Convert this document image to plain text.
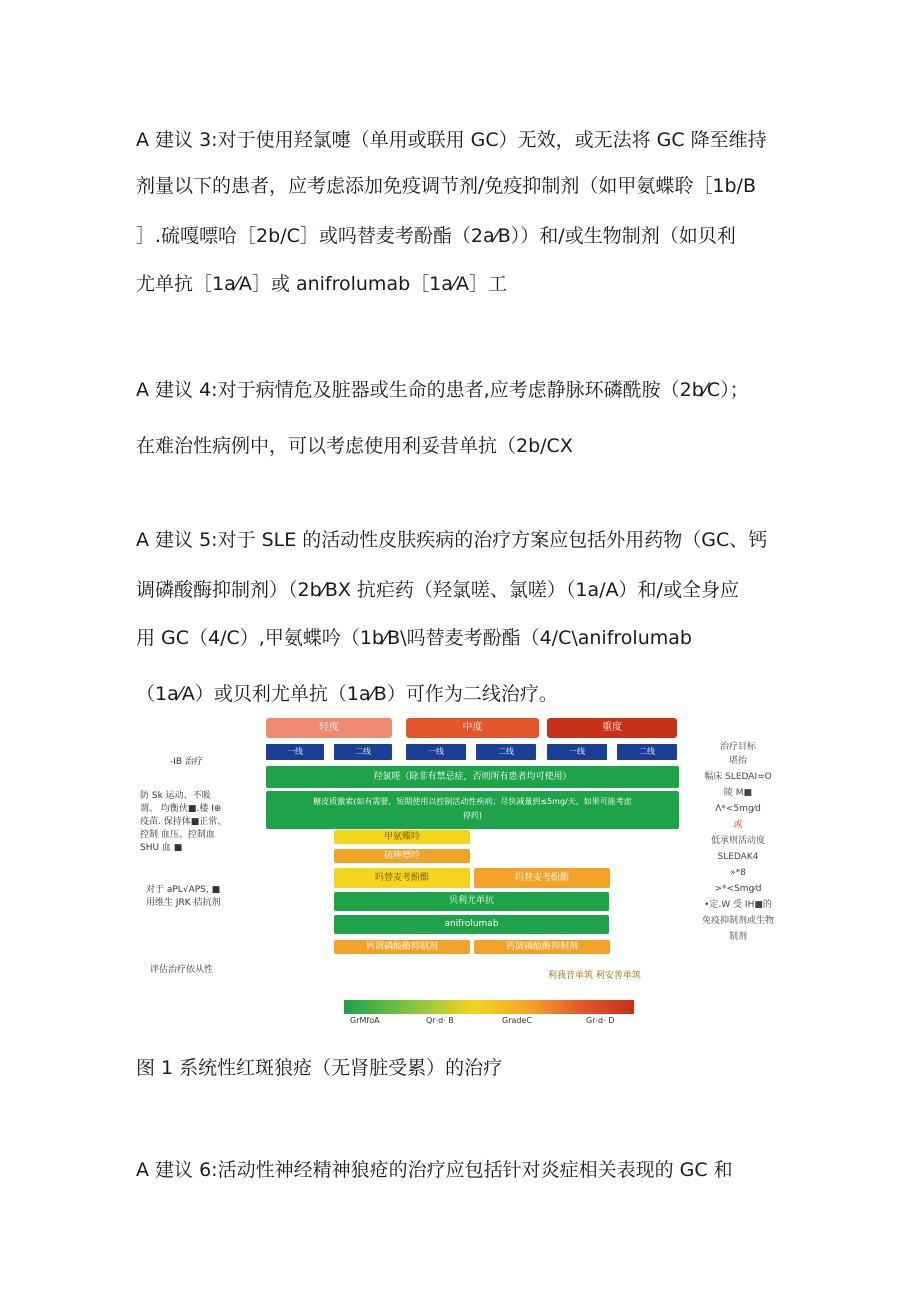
A 建议 3:对于使用羟氯嚏（单用或联用 GC）无效，或无法将 GC 降至维持
剂量以下的患者，应考虑添加免疫调节剂/免疫抑制剂（如甲氨蝶聆［1b/B
］.硫嘎嘌哈［2b/C］或吗替麦考酚酯（2a⁄B））和/或生物制剂（如贝利
尤单抗［1a⁄A］或 anifrolumab［1a⁄A］工
A 建议 4:对于病情危及脏器或生命的患者,应考虑静脉环磷酰胺（2b⁄C）；
在难治性病例中，可以考虑使用利妥昔单抗（2b/CX
A 建议 5:对于 SLE 的活动性皮肤疾病的治疗方案应包括外用药物（GC、钙
调磷酸酶抑制剂）（2b⁄BX 抗疟药（羟氯嗟、氯嗟）（1a/A）和/或全身应
用 GC（4/C）,甲氨蝶吟（1b⁄B\吗替麦考酚酯（4/C\anifrolumab
（1a⁄A）或贝利尤单抗（1a⁄B）可作为二线治疗。
轻度	中度	重度
一线	二线	一线	二线	一线	二线
羟氯嗟（除非有禁忌症，否则所有患者均可使用）
糖皮质激素(如有需要，短期使用以控制活动性疾病；尽快减量到≤5mg/天，如果可能考虑
停药)
甲氨蝶呤
硫唑嘌呤
吗替麦考酚酯	吗替麦考酚酯
贝利尤单抗
anifrolumab
钙调磷酸酶抑制剂	钙调磷酸酶抑制剂
利我昔单筑 利安善单筑
-IB 治疗
防 Sk 运动、不吸
谓、 均衡伙■.楼 I⊕
疫苗. 保持体■正常、
控制 血压、控制血
SHU 血 ■
对于 aPL√APS, ■
用维生 JRK 拮抗剂
评估治疗依从性
治疗目标
堪抬
幅床 SLEDAI=O
陵 M■
Λ*<5mg⁄d
或
低承则活动度
SLEDAK4
»*8
>*<Smg⁄d
•定.W 受 IH■的
免疫抑制剂或生物
制剂
GrMfoA	Qr·d· B	GradeC	Gr·d· D
图 1 系统性红斑狼疮（无肾脏受累）的治疗
A 建议 6:活动性神经精神狼疮的治疗应包括针对炎症相关表现的 GC 和
